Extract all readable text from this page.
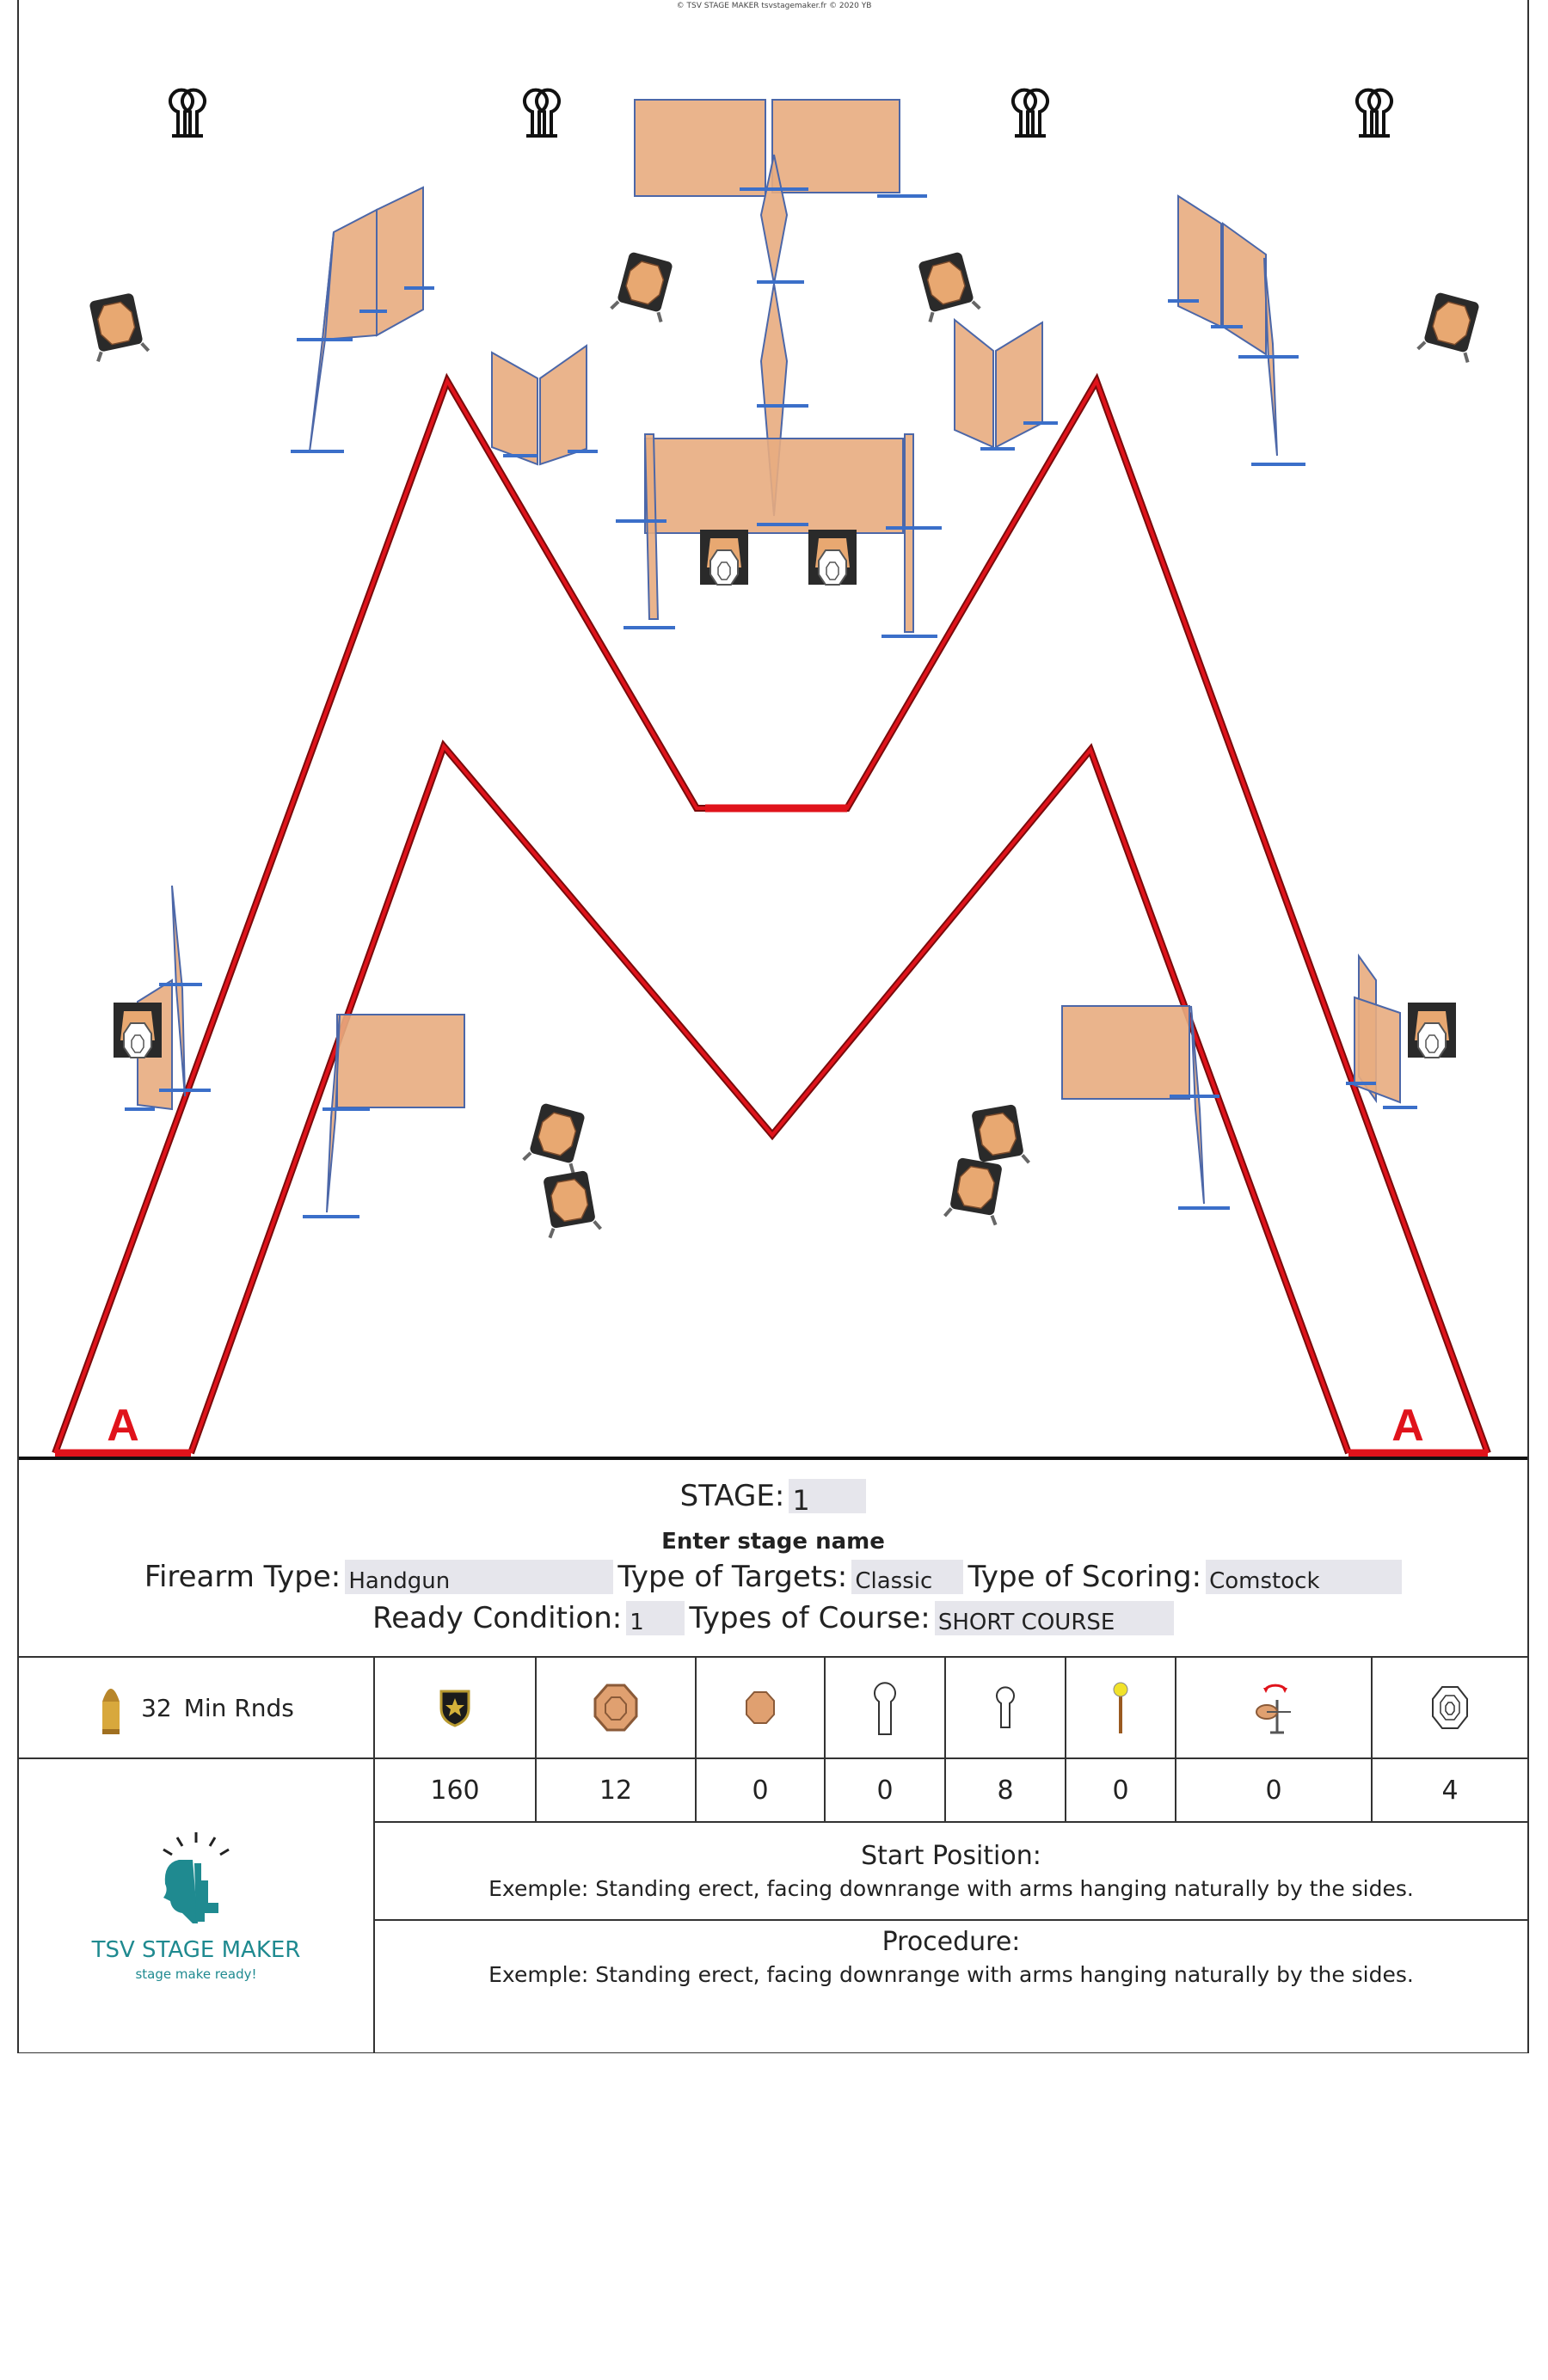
A	A
© TSV STAGE MAKER tsvstagemaker.fr © 2020 YB
STAGE: 1
Enter stage name
Firearm Type: Handgun	Type of Targets: Classic Type of Scoring: Comstock
Ready Condition: 1 Types of Course: SHORT COURSE
32 Min Rnds
160	12	0	0	8	0	0	4
TSV STAGE MAKER
stage make ready!
Start Position:
Exemple: Standing erect, facing downrange with arms hanging naturally by the sides.
Procedure:
Exemple: Standing erect, facing downrange with arms hanging naturally by the sides.
